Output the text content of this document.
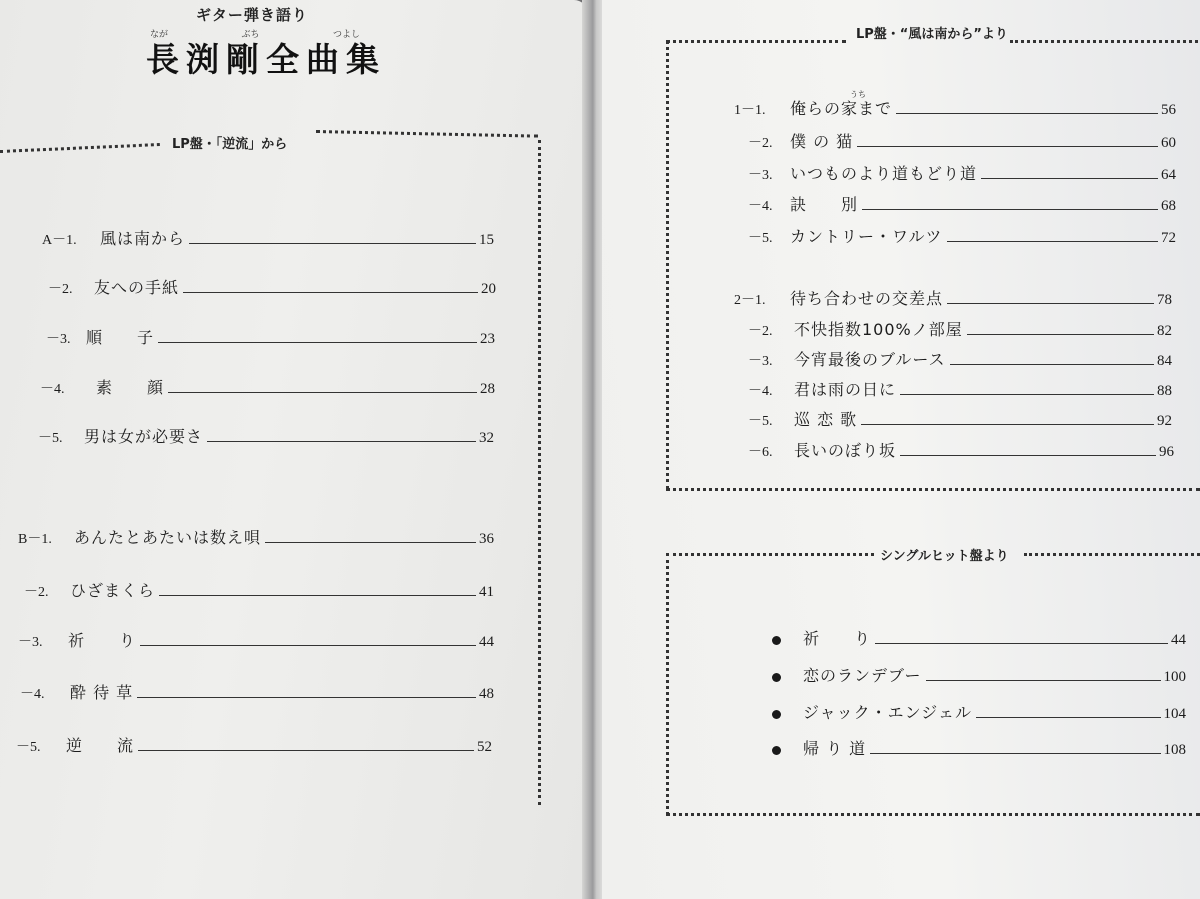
ギター弾き語り
なが	ぶち	つよし
長渕剛全曲集
LP盤・「逆流」から
A－1.	風は南から	15
－2.	友への手紙	20
－3. 順　　子	23
－4.	素　　顔	28
－5.	男は女が必要さ	32
B－1.	あんたとあたいは数え唄	36
－2.	ひざまくら	41
－3.	祈　　り	44
－4.	酔 待 草	48
－5.	逆　　流	52
LP盤・“風は南から”より
うち
1－1.	俺らの家まで	56
－2.	僕 の 猫	60
－3.	いつものより道もどり道	64
－4.	訣　　別	68
－5.	カントリー・ワルツ	72
2－1.	待ち合わせの交差点	78
－2.	不快指数100%ノ部屋	82
－3.	今宵最後のブルース	84
－4.	君は雨の日に	88
－5.	巡 恋 歌	92
－6.	長いのぼり坂	96
シングルヒット盤より
祈　　り	44
恋のランデブー	100
ジャック・エンジェル	104
帰 り 道	108
